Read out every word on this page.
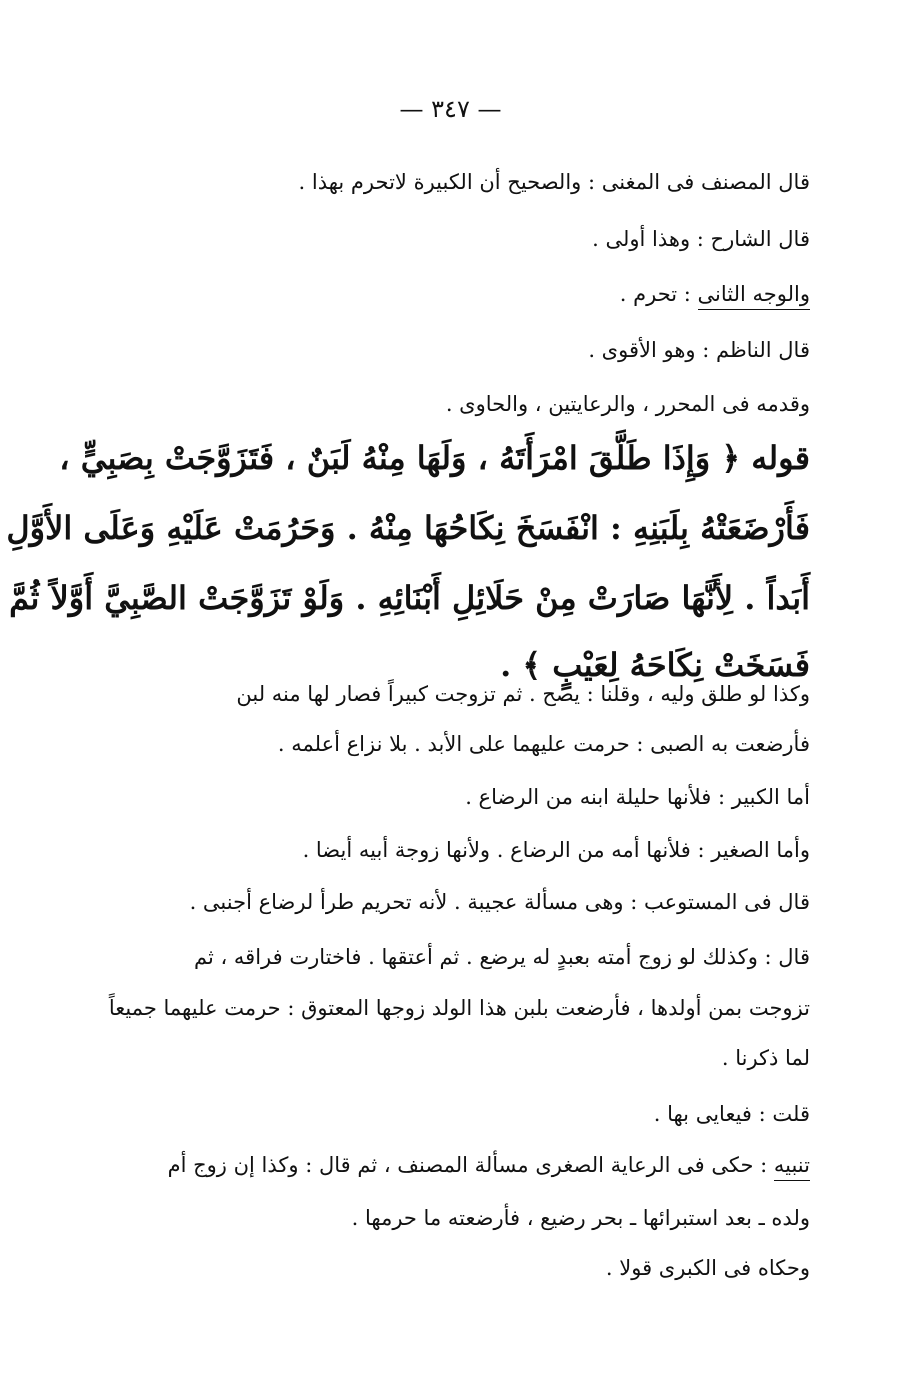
— ٣٤٧ —
قال المصنف فى المغنى : والصحيح أن الكبيرة لاتحرم بهذا .
قال الشارح : وهذا أولى .
والوجه الثانى : تحرم .
قال الناظم : وهو الأقوى .
وقدمه فى المحرر ، والرعايتين ، والحاوى .
قوله ﴿ وَإِذَا طَلَّقَ امْرَأَتَهُ ، وَلَهَا مِنْهُ لَبَنٌ ، فَتَزَوَّجَتْ بِصَبِيٍّ ،
فَأَرْضَعَتْهُ بِلَبَنِهِ : انْفَسَخَ نِكَاحُهَا مِنْهُ . وَحَرُمَتْ عَلَيْهِ وَعَلَى الأَوَّلِ
أَبَداً . لِأَنَّهَا صَارَتْ مِنْ حَلَائِلِ أَبْنَائِهِ . وَلَوْ تَزَوَّجَتْ الصَّبِيَّ أَوَّلاً ثُمَّ
فَسَخَتْ نِكَاحَهُ لِعَيْبٍ ﴾ .
وكذا لو طلق وليه ، وقلنا : يصح . ثم تزوجت كبيراً فصار لها منه لبن
فأرضعت به الصبى : حرمت عليهما على الأبد . بلا نزاع أعلمه .
أما الكبير : فلأنها حليلة ابنه من الرضاع .
وأما الصغير : فلأنها أمه من الرضاع . ولأنها زوجة أبيه أيضا .
قال فى المستوعب : وهى مسألة عجيبة . لأنه تحريم طرأ لرضاع أجنبى .
قال : وكذلك لو زوج أمته بعبدٍ له يرضع . ثم أعتقها . فاختارت فراقه ، ثم
تزوجت بمن أولدها ، فأرضعت بلبن هذا الولد زوجها المعتوق : حرمت عليهما جميعاً
لما ذكرنا .
قلت : فيعايى بها .
تنبيه : حكى فى الرعاية الصغرى مسألة المصنف ، ثم قال : وكذا إن زوج أم
ولده ـ بعد استبرائها ـ بحر رضيع ، فأرضعته ما حرمها .
وحكاه فى الكبرى قولا .
